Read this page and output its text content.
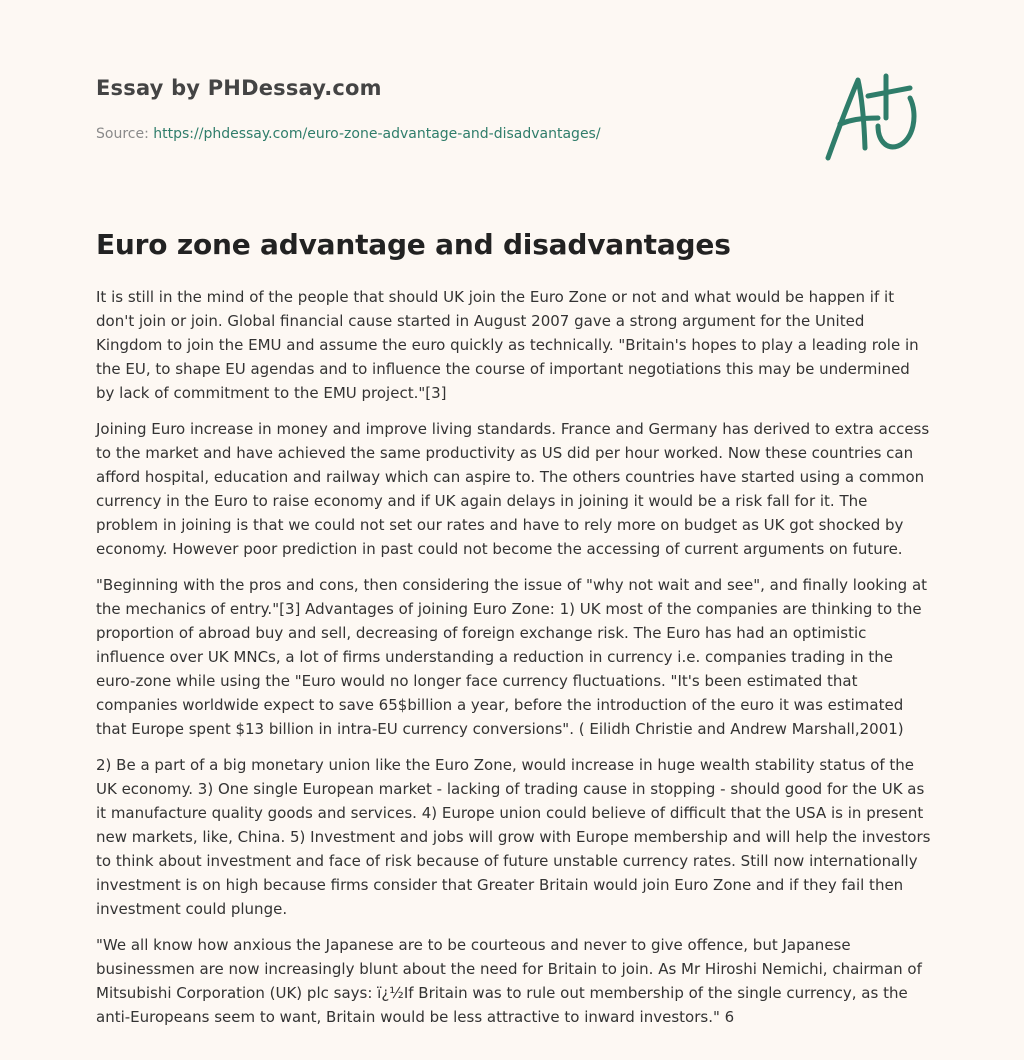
Essay by PHDessay.com
Source: https://phdessay.com/euro-zone-advantage-and-disadvantages/
Euro zone advantage and disadvantages

It is still in the mind of the people that should UK join the Euro Zone or not and what would be happen if it don't join or join. Global financial cause started in August 2007 gave a strong argument for the United Kingdom to join the EMU and assume the euro quickly as technically. "Britain's hopes to play a leading role in the EU, to shape EU agendas and to influence the course of important negotiations this may be undermined by lack of commitment to the EMU project."[3]

Joining Euro increase in money and improve living standards. France and Germany has derived to extra access to the market and have achieved the same productivity as US did per hour worked. Now these countries can afford hospital, education and railway which can aspire to. The others countries have started using a common currency in the Euro to raise economy and if UK again delays in joining it would be a risk fall for it. The problem in joining is that we could not set our rates and have to rely more on budget as UK got shocked by economy. However poor prediction in past could not become the accessing of current arguments on future.

"Beginning with the pros and cons, then considering the issue of "why not wait and see", and finally looking at the mechanics of entry."[3] Advantages of joining Euro Zone: 1) UK most of the companies are thinking to the proportion of abroad buy and sell, decreasing of foreign exchange risk. The Euro has had an optimistic influence over UK MNCs, a lot of firms understanding a reduction in currency i.e. companies trading in the euro-zone while using the "Euro would no longer face currency fluctuations. "It's been estimated that companies worldwide expect to save 65$billion a year, before the introduction of the euro it was estimated that Europe spent $13 billion in intra-EU currency conversions". ( Eilidh Christie and Andrew Marshall,2001)

2) Be a part of a big monetary union like the Euro Zone, would increase in huge wealth stability status of the UK economy. 3) One single European market - lacking of trading cause in stopping - should good for the UK as it manufacture quality goods and services. 4) Europe union could believe of difficult that the USA is in present new markets, like, China. 5) Investment and jobs will grow with Europe membership and will help the investors to think about investment and face of risk because of future unstable currency rates. Still now internationally investment is on high because firms consider that Greater Britain would join Euro Zone and if they fail then investment could plunge.

"We all know how anxious the Japanese are to be courteous and never to give offence, but Japanese businessmen are now increasingly blunt about the need for Britain to join. As Mr Hiroshi Nemichi, chairman of Mitsubishi Corporation (UK) plc says: ï¿½If Britain was to rule out membership of the single currency, as the anti-Europeans seem to want, Britain would be less attractive to inward investors." 6
